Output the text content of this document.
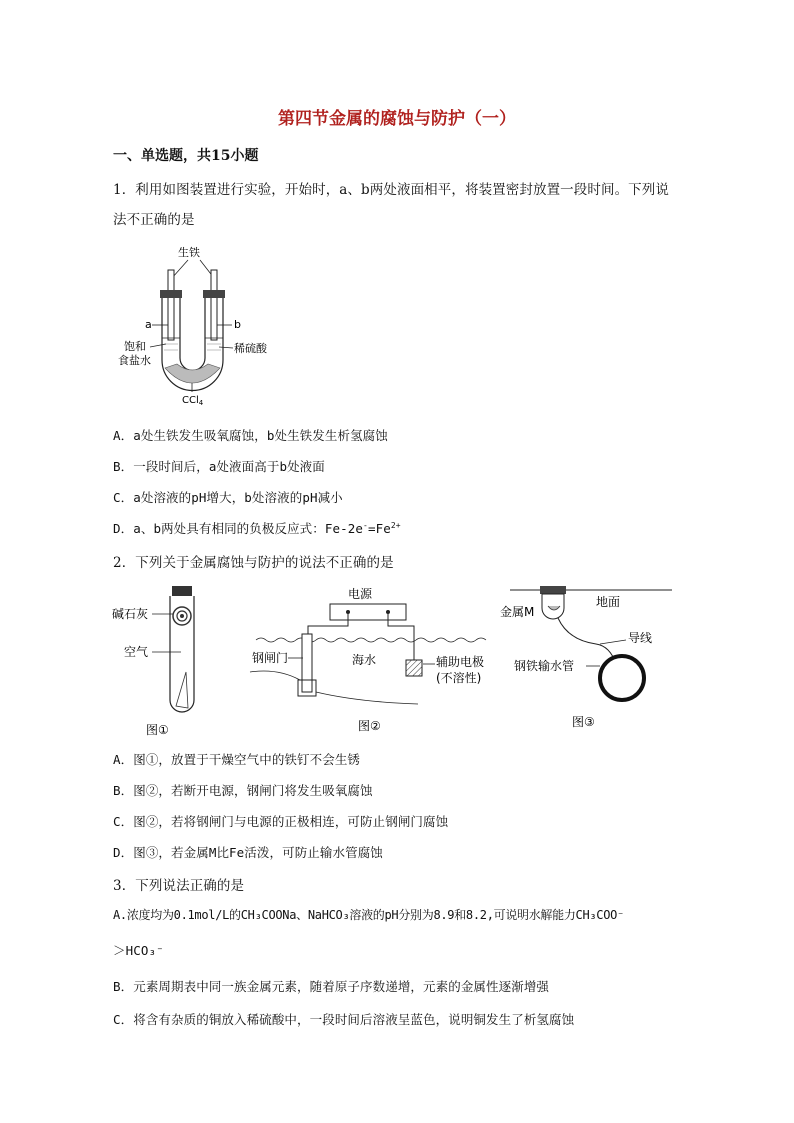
第四节金属的腐蚀与防护（一）
一、单选题，共15小题
1．利用如图装置进行实验，开始时，a、b两处液面相平，将装置密封放置一段时间。下列说
法不正确的是
生铁
a	b
饱和
食盐水
稀硫酸
CCl$_4$
A．a处生铁发生吸氧腐蚀，b处生铁发生析氢腐蚀
B．一段时间后，a处液面高于b处液面
C．a处溶液的pH增大，b处溶液的pH减小
D．a、b两处具有相同的负极反应式：$Fe-2e^-=Fe^{2+}$
2．下列关于金属腐蚀与防护的说法不正确的是
碱石灰
空气
图①
电源
钢闸门	海水	辅助电极
(不溶性)
图②
地面
金属M
导线
钢铁输水管
图③
A．图①，放置于干燥空气中的铁钉不会生锈
B．图②，若断开电源，钢闸门将发生吸氧腐蚀
C．图②，若将钢闸门与电源的正极相连，可防止钢闸门腐蚀
D．图③，若金属M比Fe活泼，可防止输水管腐蚀
3．下列说法正确的是
A.浓度均为0.1mol/L的CH₃COONa、NaHCO₃溶液的pH分别为8.9和8.2,可说明水解能力CH₃COO⁻
＞HCO₃⁻
B．元素周期表中同一族金属元素，随着原子序数递增，元素的金属性逐渐增强
C．将含有杂质的铜放入稀硫酸中，一段时间后溶液呈蓝色，说明铜发生了析氢腐蚀
